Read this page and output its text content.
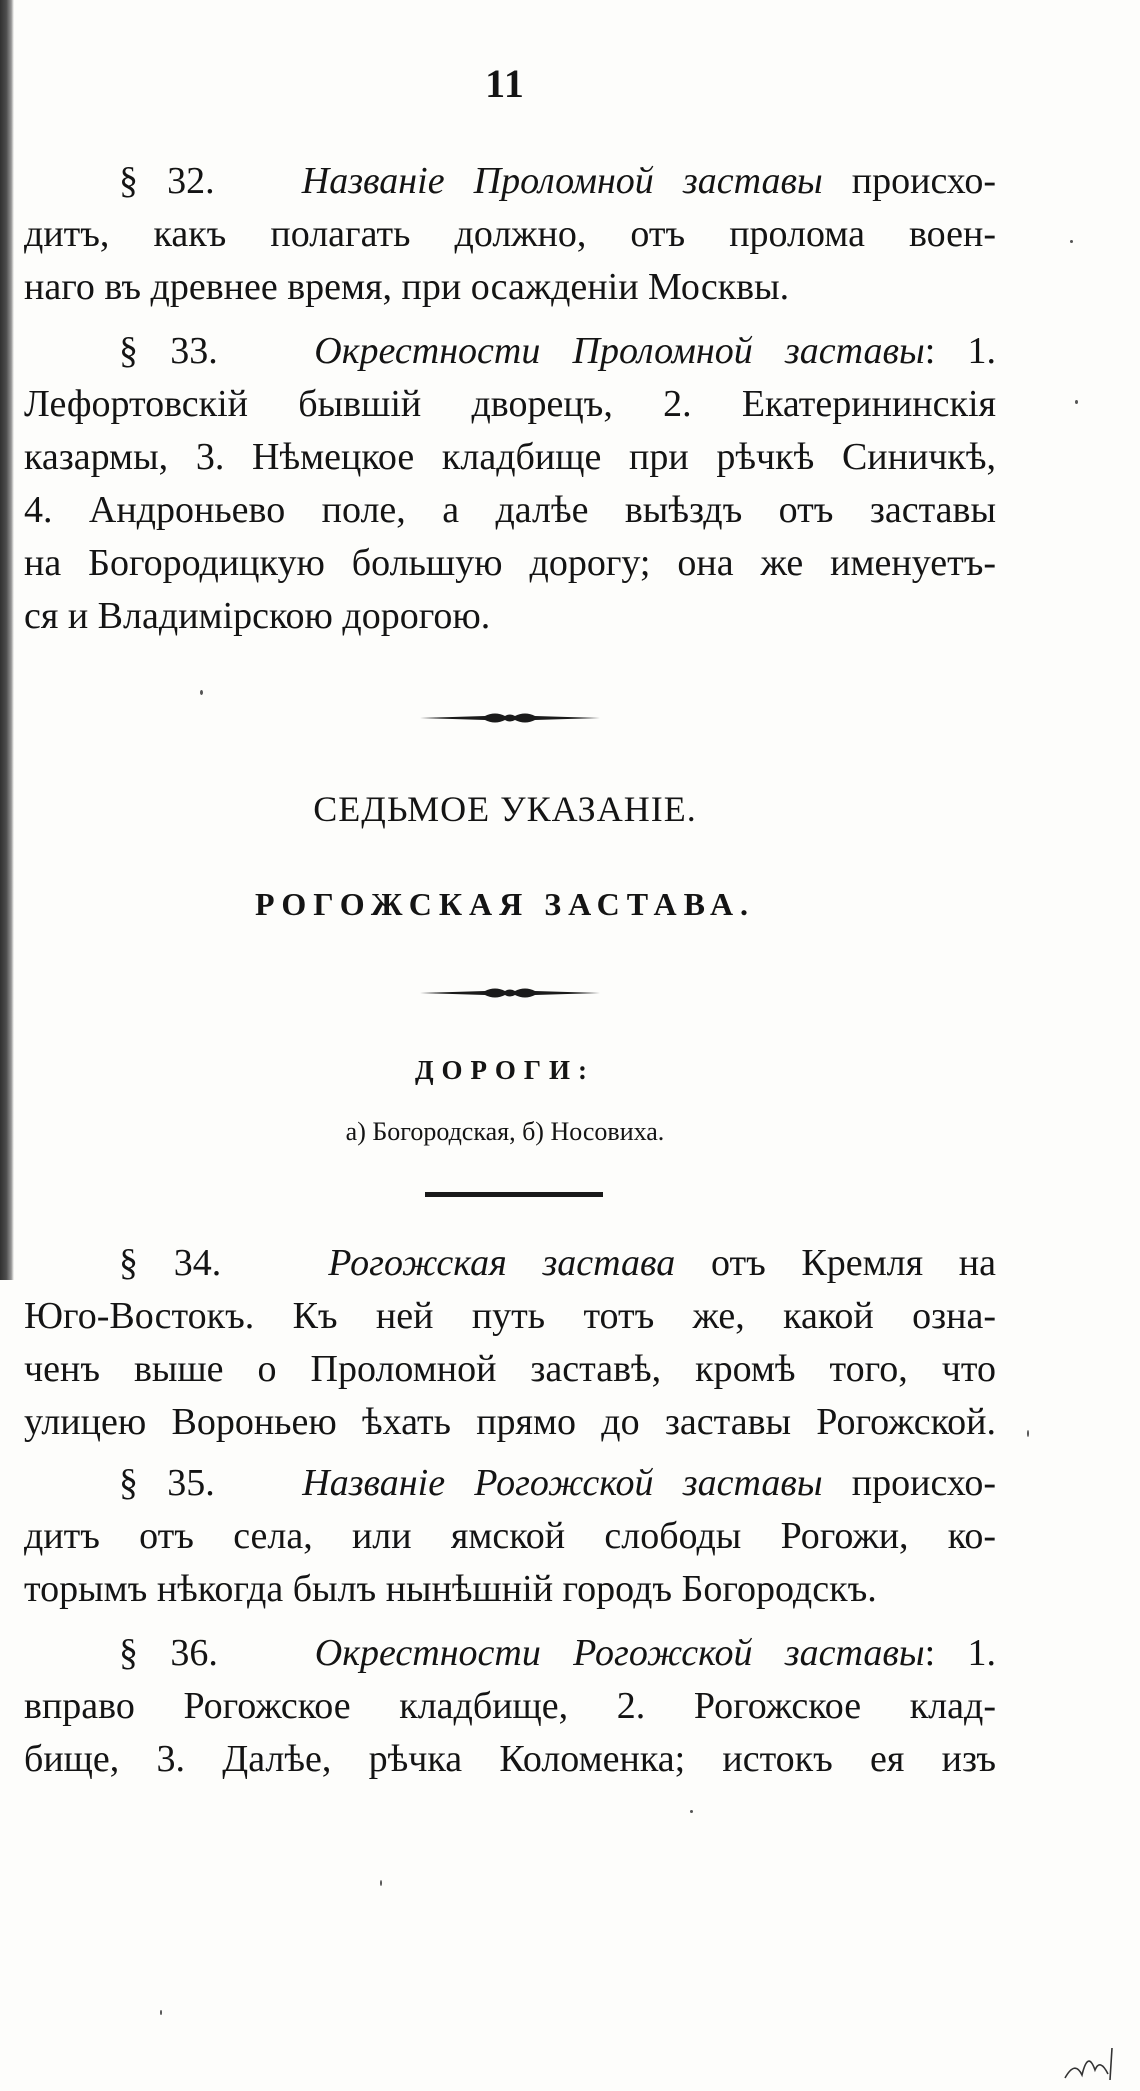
11
§ 32. Названіе Проломной заставы происхо-
дитъ, какъ полагать должно, отъ пролома воен-
наго въ древнее время, при осажденіи Москвы.
§ 33.	Окрестности Проломной заставы: 1.
Лефортовскій бывшій дворецъ, 2. Екатерининскія
казармы, 3. Нѣмецкое кладбище при рѣчкѣ Синичкѣ,
4. Андроньево поле, а далѣе выѣздъ отъ заставы
на Богородицкую большую дорогу; она же именуетъ-
ся и Владимірскою дорогою.
СЕДЬМОЕ УКАЗАНІЕ.
РОГОЖСКАЯ ЗАСТАВА.
ДОРОГИ:
а) Богородская, б) Носовиха.
§ 34.	Рогожская застава отъ Кремля на
Юго-Востокъ. Къ ней путь тотъ же, какой озна-
ченъ выше о Проломной заставѣ, кромѣ того, что
улицею Вороньею ѣхать прямо до заставы Рогожской.
§ 35. Названіе Рогожской заставы происхо-
дитъ отъ села, или ямской слободы Рогожи, ко-
торымъ нѣкогда былъ нынѣшній городъ Богородскъ.
§ 36.	Окрестности Рогожской заставы: 1.
вправо Рогожское кладбище, 2. Рогожское клад-
бище, 3. Далѣе, рѣчка Коломенка; истокъ ея изъ
